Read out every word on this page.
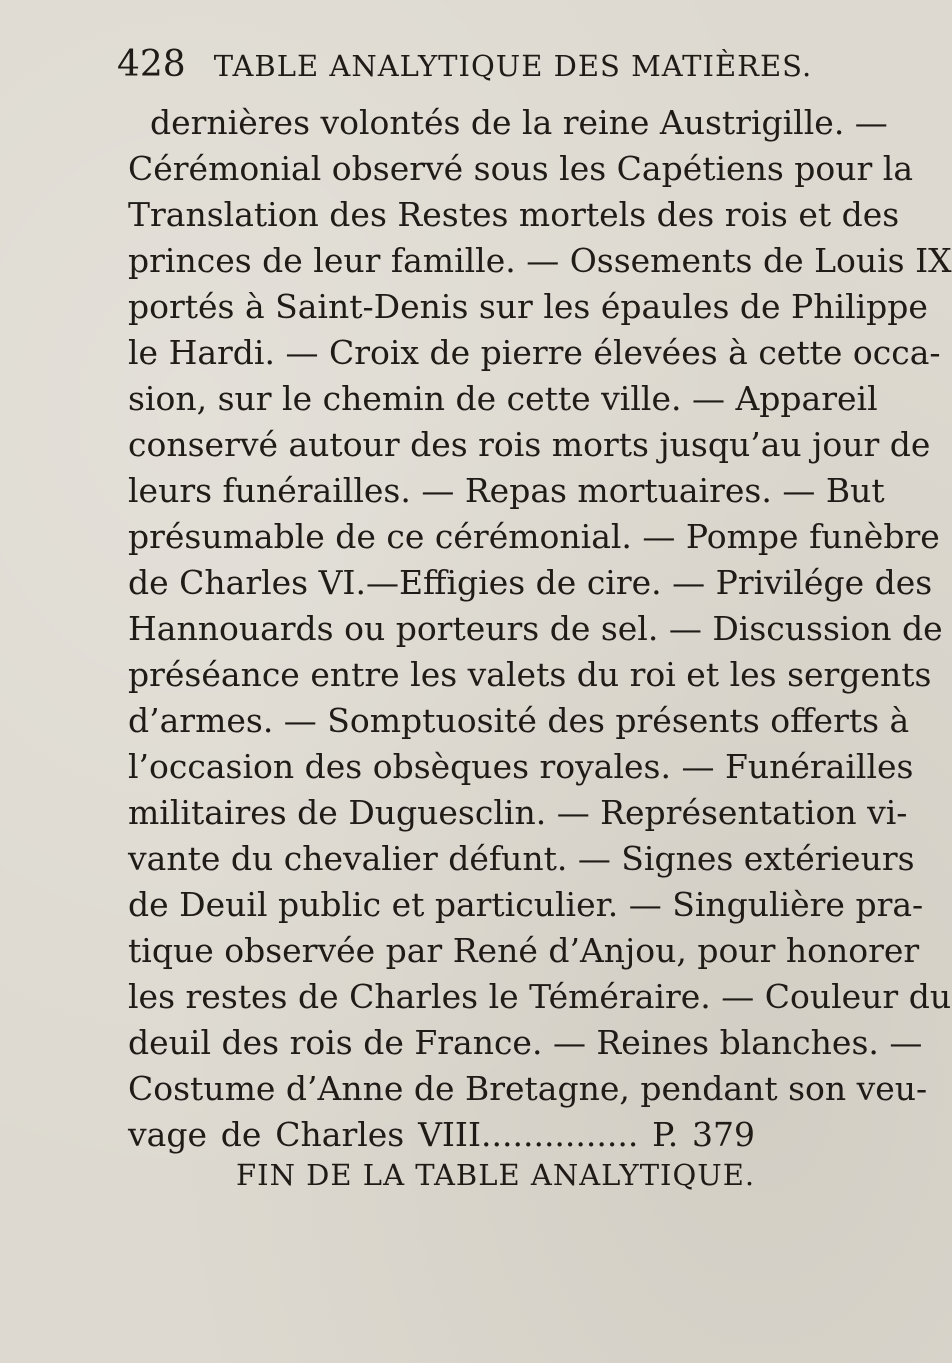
428 TABLE ANALYTIQUE DES MATIÈRES.
dernières volontés de la reine Austrigille. —
Cérémonial observé sous les Capétiens pour la
Translation des Restes mortels des rois et des
princes de leur famille. — Ossements de Louis IX
portés à Saint-Denis sur les épaules de Philippe
le Hardi. — Croix de pierre élevées à cette occa-
sion, sur le chemin de cette ville. — Appareil
conservé autour des rois morts jusqu’au jour de
leurs funérailles. — Repas mortuaires. — But
présumable de ce cérémonial. — Pompe funèbre
de Charles VI.—Effigies de cire. — Privilége des
Hannouards ou porteurs de sel. — Discussion de
préséance entre les valets du roi et les sergents
d’armes. — Somptuosité des présents offerts à
l’occasion des obsèques royales. — Funérailles
militaires de Duguesclin. — Représentation vi-
vante du chevalier défunt. — Signes extérieurs
de Deuil public et particulier. — Singulière pra-
tique observée par René d’Anjou, pour honorer
les restes de Charles le Téméraire. — Couleur du
deuil des rois de France. — Reines blanches. —
Costume d’Anne de Bretagne, pendant son veu-
vage de Charles VIII............... P. 379
FIN DE LA TABLE ANALYTIQUE.
